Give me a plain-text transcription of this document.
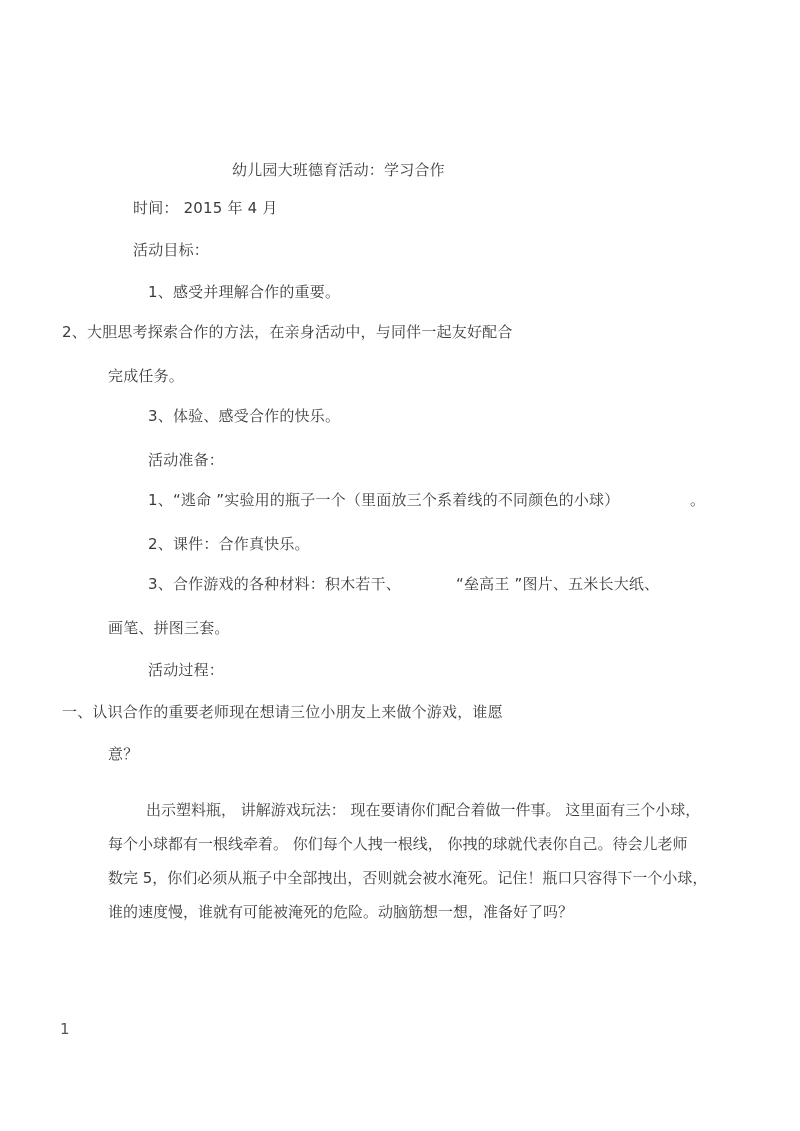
幼儿园大班德育活动：学习合作
时间： 2015 年 4 月
活动目标：
1、感受并理解合作的重要。
2、大胆思考探索合作的方法，在亲身活动中，与同伴一起友好配合
完成任务。
3、体验、感受合作的快乐。
活动准备：
1、“逃命 ”实验用的瓶子一个（里面放三个系着线的不同颜色的小球）	。
2、课件：合作真快乐。
3、合作游戏的各种材料：积木若干、	“垒高王 ”图片、五米长大纸、
画笔、拼图三套。
活动过程：
一、认识合作的重要老师现在想请三位小朋友上来做个游戏，谁愿
意？
出示塑料瓶， 讲解游戏玩法： 现在要请你们配合着做一件事。 这里面有三个小球，
每个小球都有一根线牵着。 你们每个人拽一根线， 你拽的球就代表你自己。待会儿老师
数完 5，你们必须从瓶子中全部拽出，否则就会被水淹死。记住！瓶口只容得下一个小球，
谁的速度慢，谁就有可能被淹死的危险。动脑筋想一想，准备好了吗？
1
